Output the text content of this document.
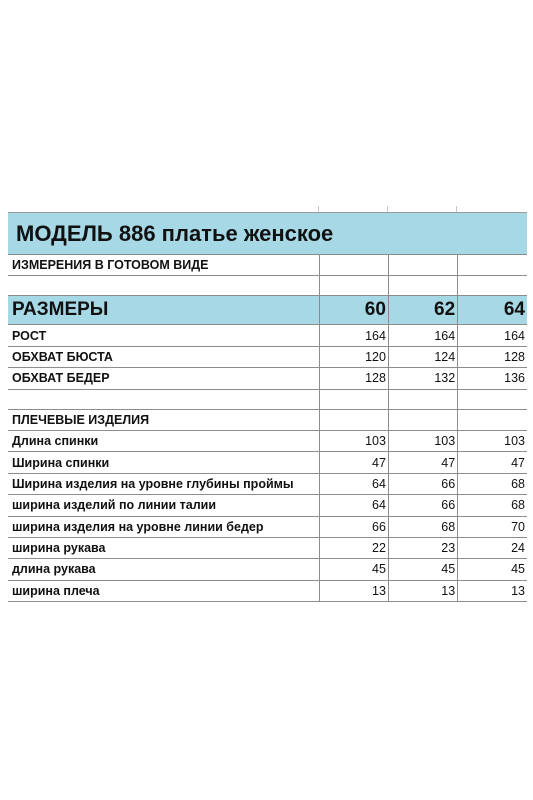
МОДЕЛЬ 886 платье женское			
ИЗМЕРЕНИЯ В ГОТОВОМ ВИДЕ			

РАЗМЕРЫ	60	62	64
РОСТ	164	164	164
ОБХВАТ БЮСТА	120	124	128
ОБХВАТ БЕДЕР	128	132	136

ПЛЕЧЕВЫЕ ИЗДЕЛИЯ			
Длина спинки	103	103	103
Ширина спинки	47	47	47
Ширина изделия на уровне глубины проймы	64	66	68
ширина изделий по линии талии	64	66	68
ширина изделия на уровне линии бедер	66	68	70
ширина рукава	22	23	24
длина рукава	45	45	45
ширина плеча	13	13	13
